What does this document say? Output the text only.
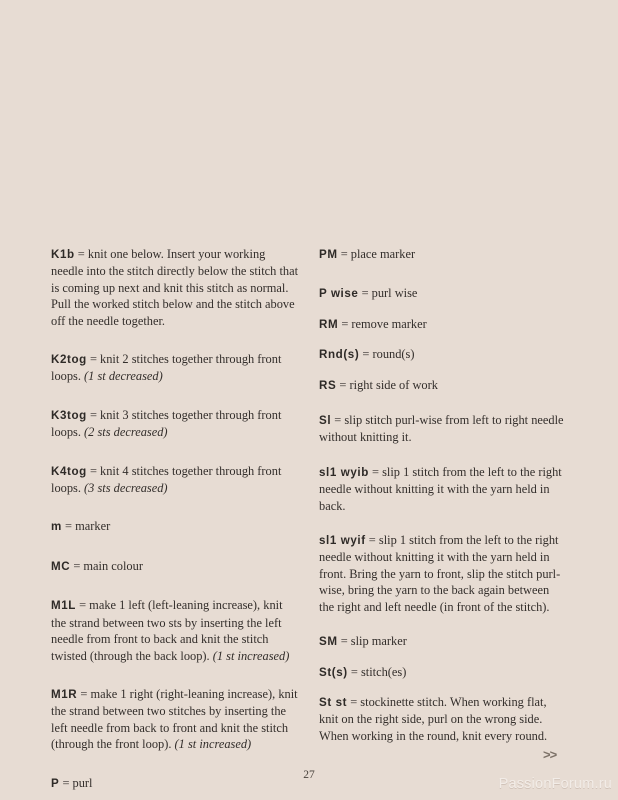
K1b = knit one below. Insert your working needle into the stitch directly below the stitch that is coming up next and knit this stitch as normal. Pull the worked stitch below and the stitch above off the needle together.

K2tog = knit 2 stitches together through front loops. (1 st decreased)

K3tog = knit 3 stitches together through front loops. (2 sts decreased)

K4tog = knit 4 stitches together through front loops. (3 sts decreased)

m = marker

MC = main colour

M1L = make 1 left (left-leaning increase), knit the strand between two sts by inserting the left needle from front to back and knit the stitch twisted (through the back loop). (1 st increased)

M1R = make 1 right (right-leaning increase), knit the strand between two stitches by inserting the left needle from back to front and knit the stitch (through the front loop). (1 st increased)

P = purl

PM = place marker

P wise = purl wise

RM = remove marker

Rnd(s) = round(s)

RS = right side of work

Sl = slip stitch purl-wise from left to right needle without knitting it.

sl1 wyib = slip 1 stitch from the left to the right needle without knitting it with the yarn held in back.

sl1 wyif = slip 1 stitch from the left to the right needle without knitting it with the yarn held in front. Bring the yarn to front, slip the stitch purl-wise, bring the yarn to the back again between the right and left needle (in front of the stitch).

SM = slip marker

St(s) = stitch(es)

St st = stockinette stitch. When working flat, knit on the right side, purl on the wrong side. When working in the round, knit every round.

27
>>
PassionForum.ru
